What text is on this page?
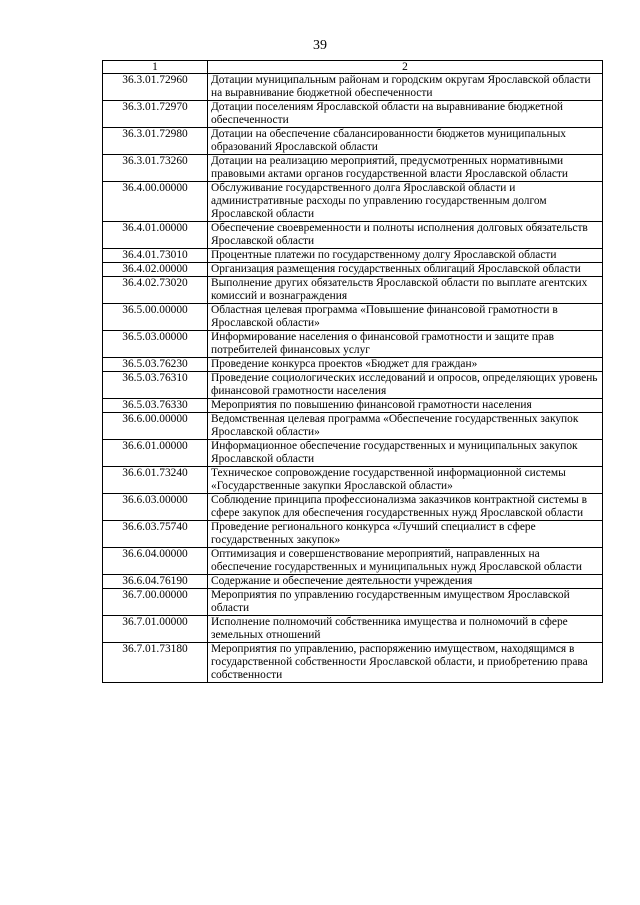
39
1	2
36.3.01.72960	Дотации муниципальным районам и городским округам Ярославской области на выравнивание бюджетной обеспеченности
36.3.01.72970	Дотации поселениям Ярославской области на выравнивание бюджетной обеспеченности
36.3.01.72980	Дотации на обеспечение сбалансированности бюджетов муниципальных образований Ярославской области
36.3.01.73260	Дотации на реализацию мероприятий, предусмотренных нормативными правовыми актами органов государственной власти Ярославской области
36.4.00.00000	Обслуживание государственного долга Ярославской области и административные расходы по управлению государственным долгом Ярославской области
36.4.01.00000	Обеспечение своевременности и полноты исполнения долговых обязательств Ярославской области
36.4.01.73010	Процентные платежи по государственному долгу Ярославской области
36.4.02.00000	Организация размещения государственных облигаций Ярославской области
36.4.02.73020	Выполнение других обязательств Ярославской области по выплате агентских комиссий и вознаграждения
36.5.00.00000	Областная целевая программа «Повышение финансовой грамотности в Ярославской области»
36.5.03.00000	Информирование населения о финансовой грамотности и защите прав потребителей финансовых услуг
36.5.03.76230	Проведение конкурса проектов «Бюджет для граждан»
36.5.03.76310	Проведение социологических исследований и опросов, определяющих уровень финансовой грамотности населения
36.5.03.76330	Мероприятия по повышению финансовой грамотности населения
36.6.00.00000	Ведомственная целевая программа «Обеспечение государственных закупок Ярославской области»
36.6.01.00000	Информационное обеспечение государственных и муниципальных закупок Ярославской области
36.6.01.73240	Техническое сопровождение государственной информационной системы «Государственные закупки Ярославской области»
36.6.03.00000	Соблюдение принципа профессионализма заказчиков контрактной системы в сфере закупок для обеспечения государственных нужд Ярославской области
36.6.03.75740	Проведение регионального конкурса «Лучший специалист в сфере государственных закупок»
36.6.04.00000	Оптимизация и совершенствование мероприятий, направленных на обеспечение государственных и муниципальных нужд Ярославской области
36.6.04.76190	Содержание и обеспечение деятельности учреждения
36.7.00.00000	Мероприятия по управлению государственным имуществом Ярославской области
36.7.01.00000	Исполнение полномочий собственника имущества и полномочий в сфере земельных отношений
36.7.01.73180	Мероприятия по управлению, распоряжению имуществом, находящимся в государственной собственности Ярославской области, и приобретению права собственности
